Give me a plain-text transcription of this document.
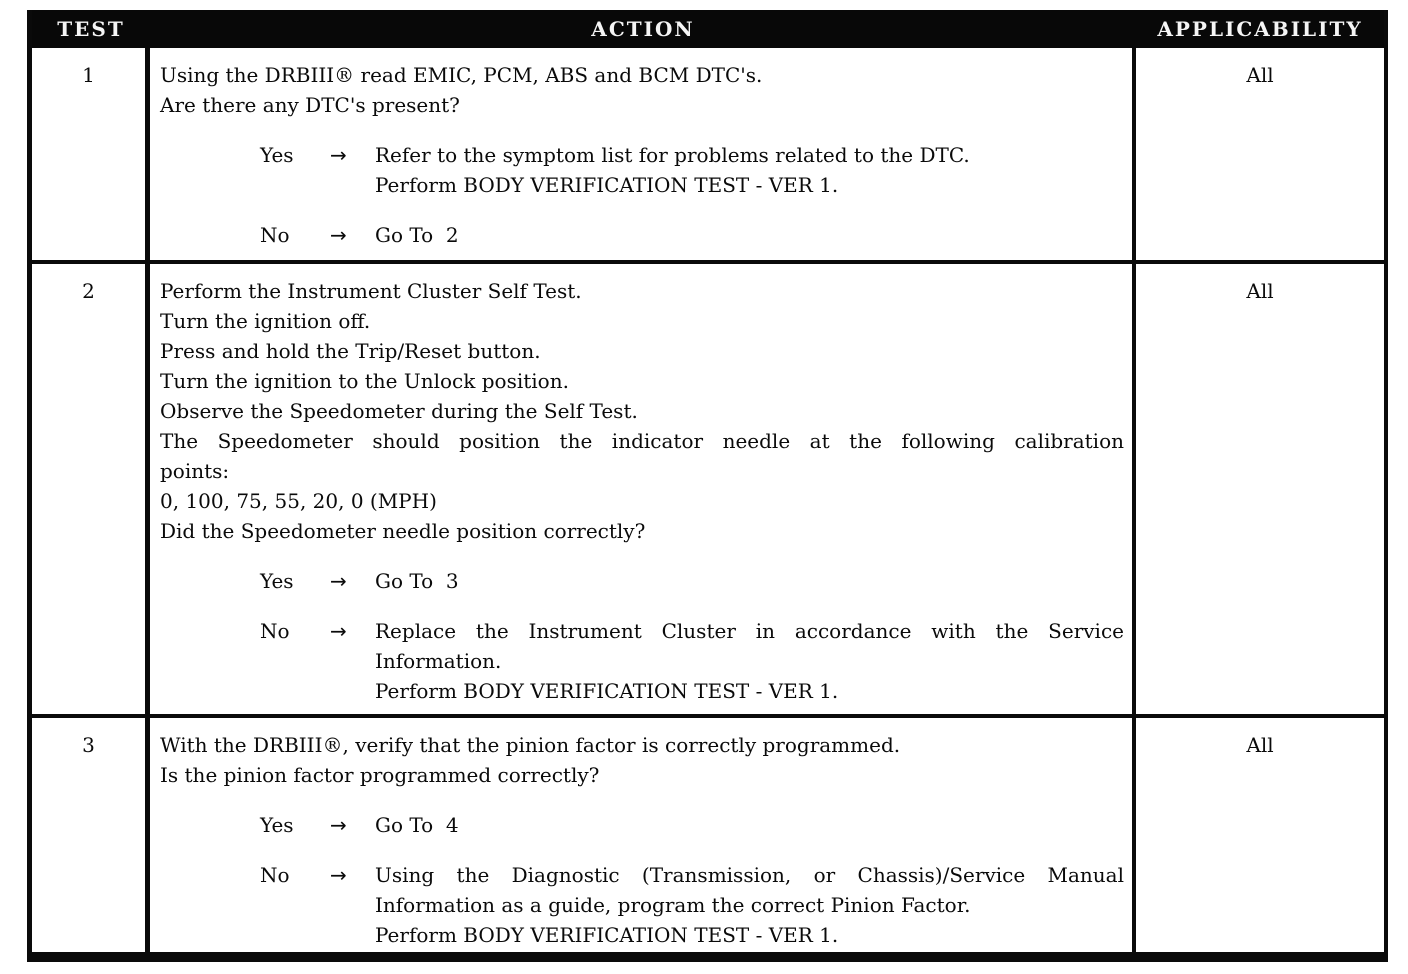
TEST	ACTION	APPLICABILITY
1	Using the DRBIII® read EMIC, PCM, ABS and BCM DTC's.
Are there any DTC's present?
Yes	→	Refer to the symptom list for problems related to the DTC.
Perform BODY VERIFICATION TEST - VER 1.
No	→	Go To  2
All
2	Perform the Instrument Cluster Self Test.
Turn the ignition off.
Press and hold the Trip/Reset button.
Turn the ignition to the Unlock position.
Observe the Speedometer during the Self Test.
The Speedometer should position the indicator needle at the following calibration
points:
0, 100, 75, 55, 20, 0 (MPH)
Did the Speedometer needle position correctly?
Yes	→	Go To  3
No	→	Replace the Instrument Cluster in accordance with the Service
Information.
Perform BODY VERIFICATION TEST - VER 1.
All
3	With the DRBIII®, verify that the pinion factor is correctly programmed.
Is the pinion factor programmed correctly?
Yes	→	Go To  4
No	→	Using the Diagnostic (Transmission, or Chassis)/Service Manual
Information as a guide, program the correct Pinion Factor.
Perform BODY VERIFICATION TEST - VER 1.
All
